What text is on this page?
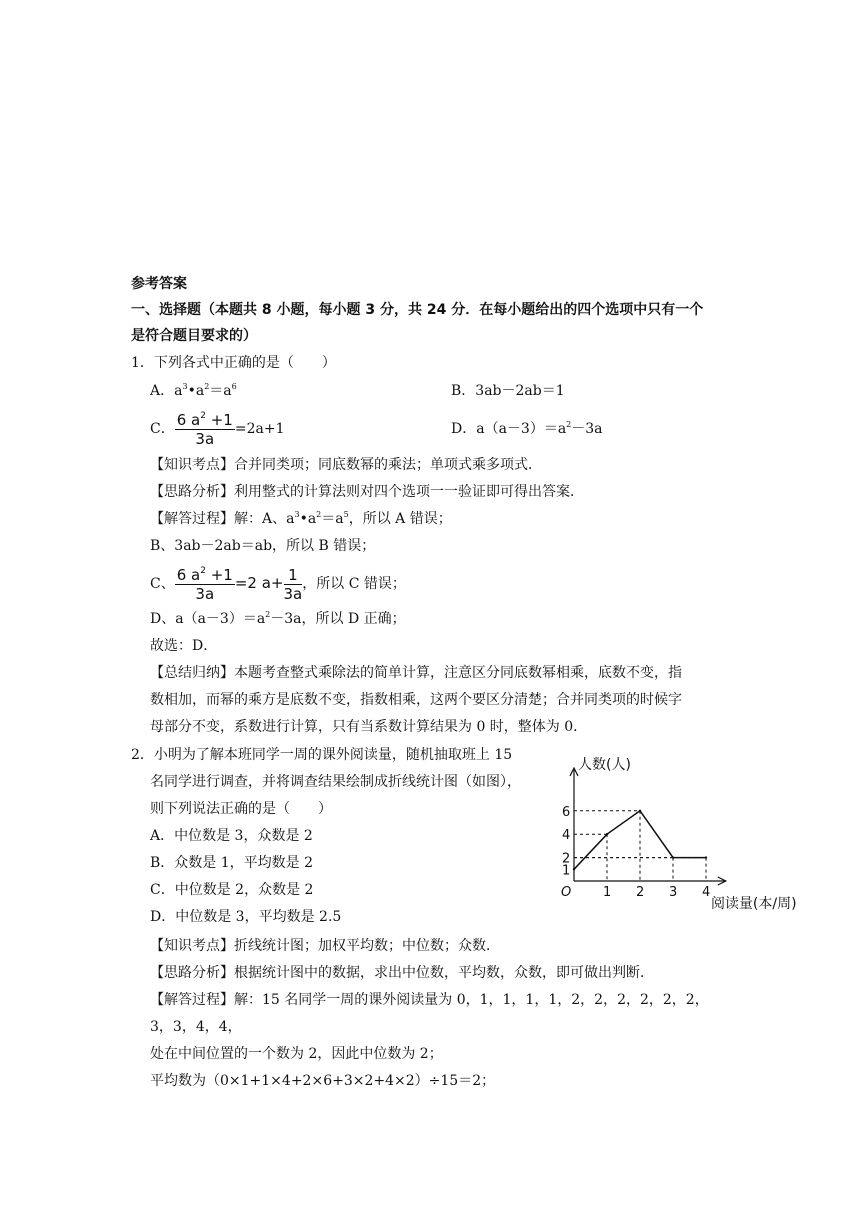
参考答案
一、选择题（本题共 8 小题，每小题 3 分，共 24 分．在每小题给出的四个选项中只有一个
是符合题目要求的）
1．下列各式中正确的是（　　）
A．$a^3•a^2=a^6$	B．3ab－2ab＝1
C． $\frac{6 a^2 +1}{3a} =2a+1$	D．$a(a-3)=a^2-3a$
【知识考点】合并同类项；同底数幂的乘法；单项式乘多项式．
【思路分析】利用整式的计算法则对四个选项一一验证即可得出答案．
【解答过程】解：A、$a^3•a^2=a^5$，所以 A 错误；
B、3ab－2ab＝ab，所以 B 错误；
C、 $\frac{6 a^2 +1}{3a} =2$ $a+ \frac{1}{3a}$ ，所以 C 错误；
D、$a(a-3)=a^2-3a$，所以 D 正确；
故选：D．
【总结归纳】本题考查整式乘除法的简单计算，注意区分同底数幂相乘，底数不变，指
数相加，而幂的乘方是底数不变，指数相乘，这两个要区分清楚；合并同类项的时候字
母部分不变，系数进行计算，只有当系数计算结果为 0 时，整体为 0．
2．小明为了解本班同学一周的课外阅读量，随机抽取班上 15
名同学进行调查，并将调查结果绘制成折线统计图（如图），
则下列说法正确的是（　　）
A．中位数是 3，众数是 2
B．众数是 1，平均数是 2
C．中位数是 2，众数是 2
D．中位数是 3，平均数是 2.5
【知识考点】折线统计图；加权平均数；中位数；众数．
【思路分析】根据统计图中的数据，求出中位数，平均数，众数，即可做出判断．
【解答过程】解：15 名同学一周的课外阅读量为 0，1，1，1，1，2，2，2，2，2，2，
3，3，4，4，
处在中间位置的一个数为 2，因此中位数为 2；
平均数为（0×1+1×4+2×6+3×2+4×2）÷15＝2；
人数(人)
阅读量(本/周)
O 1 2 3 4
1
2
4
6
